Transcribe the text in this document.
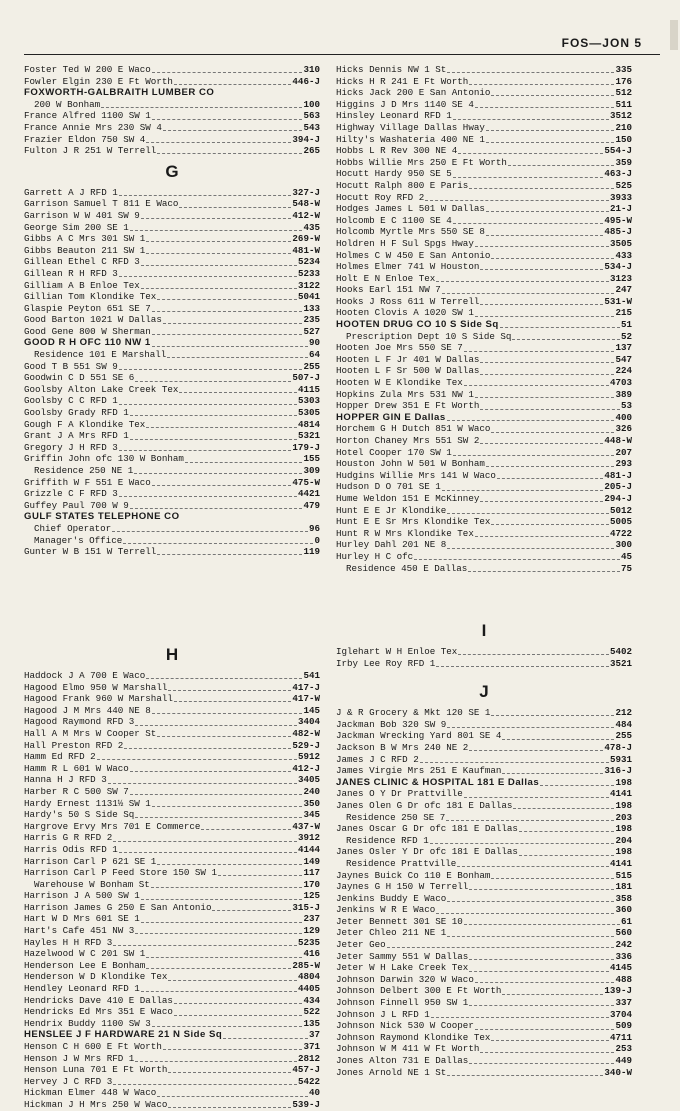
FOS—JON 5
Foster Ted W 200 E Waco	310
Fowler Elgin 230 E Ft Worth	446-J
FOXWORTH-GALBRAITH LUMBER CO
200 W Bonham	100
France Alfred 1100 SW 1	563
France Annie Mrs 230 SW 4	543
Frazier Eldon 750 SW 4	394-J
Fulton J R 251 W Terrell	265
G
Garrett A J RFD 1	327-J
Garrison Samuel T 811 E Waco	548-W
Garrison W W 401 SW 9	412-W
George Sim 200 SE 1	435
Gibbs A C Mrs 301 SW 1	269-W
Gibbs Beauton 211 SW 1	481-W
Gillean Ethel C RFD 3	5234
Gillean R H RFD 3	5233
Gilliam A B Enloe Tex	3122
Gillian Tom Klondike Tex	5041
Glaspie Peyton 651 SE 7	133
Good Barton 1021 W Dallas	235
Good Gene 800 W Sherman	527
GOOD R H OFC 110 NW 1	90
Residence 101 E Marshall	64
Good T B 551 SW 9	255
Goodwin C D 551 SE 6	507-J
Goolsby Alton Lake Creek Tex	4115
Goolsby C C RFD 1	5303
Goolsby Grady RFD 1	5305
Gough F A Klondike Tex	4814
Grant J A Mrs RFD 1	5321
Gregory J H RFD 3	179-J
Griffin John ofc 130 W Bonham	155
Residence 250 NE 1	309
Griffith W F 551 E Waco	475-W
Grizzle C F RFD 3	4421
Guffey Paul 700 W 9	479
GULF STATES TELEPHONE CO
Chief Operator	96
Manager's Office	0
Gunter W B 151 W Terrell	119
Hicks Dennis NW 1 St	335
Hicks H R 241 E Ft Worth	176
Hicks Jack 200 E San Antonio	512
Higgins J D Mrs 1140 SE 4	511
Hinsley Leonard RFD 1	3512
Highway Village Dallas Hway	210
Hilty's Washateria 400 NE 1	150
Hobbs L R Rev 300 NE 4	554-J
Hobbs Willie Mrs 250 E Ft Worth	359
Hocutt Hardy 950 SE 5	463-J
Hocutt Ralph 800 E Paris	525
Hocutt Roy RFD 2	3933
Hodges James L 501 W Dallas	21-J
Holcomb E C 1100 SE 4	495-W
Holcomb Myrtle Mrs 550 SE 8	485-J
Holdren H F Sul Spgs Hway	3505
Holmes C W 450 E San Antonio	433
Holmes Elmer 741 W Houston	534-J
Holt E N Enloe Tex	3123
Hooks Earl 151 NW 7	247
Hooks J Ross 611 W Terrell	531-W
Hooten Clovis A 1020 SW 1	215
HOOTEN DRUG CO 10 S Side Sq	51
Prescription Dept 10 S Side Sq	52
Hooten Joe Mrs 550 SE 7	137
Hooten L F Jr 401 W Dallas	547
Hooten L F Sr 500 W Dallas	224
Hooten W E Klondike Tex	4703
Hopkins Zula Mrs 531 NW 1	389
Hopper Drew 351 E Ft Worth	53
HOPPER GIN E Dallas	400
Horchem G H Dutch 851 W Waco	326
Horton Chaney Mrs 551 SW 2	448-W
Hotel Cooper 170 SW 1	207
Houston John W 501 W Bonham	293
Hudgins Willie Mrs 141 W Waco	481-J
Hudson D O 701 SE 1	205-J
Hume Weldon 151 E McKinney	294-J
Hunt E E Jr Klondike	5012
Hunt E E Sr Mrs Klondike Tex	5005
Hunt R W Mrs Klondike Tex	4722
Hurley Dahl 201 NE 8	300
Hurley H C ofc	45
Residence 450 E Dallas	75
H
Haddock J A 700 E Waco	541
Hagood Elmo 950 W Marshall	417-J
Hagood Frank 960 W Marshall	417-W
Hagood J M Mrs 440 NE 8	145
Hagood Raymond RFD 3	3404
Hall A M Mrs W Cooper St	482-W
Hall Preston RFD 2	529-J
Hamm Ed RFD 2	5912
Hamm R L 601 W Waco	412-J
Hanna H J RFD 3	3405
Harber R C 500 SW 7	240
Hardy Ernest 1131½ SW 1	350
Hardy's 50 S Side Sq	345
Hargrove Ervy Mrs 701 E Commerce	437-W
Harris G R RFD 2	3912
Harris Odis RFD 1	4144
Harrison Carl P 621 SE 1	149
Harrison Carl P Feed Store 150 SW 1	117
Warehouse W Bonham St	170
Harrison J A 500 SW 1	125
Harrison James G 250 E San Antonio	315-J
Hart W D Mrs 601 SE 1	237
Hart's Cafe 451 NW 3	129
Hayles H H RFD 3	5235
Hazelwood W C 201 SW 1	416
Henderson Lee E Bonham	285-W
Henderson W D Klondike Tex	4804
Hendley Leonard RFD 1	4405
Hendricks Dave 410 E Dallas	434
Hendricks Ed Mrs 351 E Waco	522
Hendrix Buddy 1100 SW 3	135
HENSLEE J F HARDWARE 21 N Side Sq	37
Henson C H 600 E Ft Worth	371
Henson J W Mrs RFD 1	2812
Henson Luna 701 E Ft Worth	457-J
Hervey J C RFD 3	5422
Hickman Elmer 448 W Waco	40
Hickman J H Mrs 250 W Waco	539-J
I
Iglehart W H Enloe Tex	5402
Irby Lee Roy RFD 1	3521
J
J & R Grocery & Mkt 120 SE 1	212
Jackman Bob 320 SW 9	484
Jackman Wrecking Yard 801 SE 4	255
Jackson B W Mrs 240 NE 2	478-J
James J C RFD 2	5931
James Virgie Mrs 251 E Kaufman	316-J
JANES CLINIC & HOSPITAL 181 E Dallas	198
Janes O Y Dr Prattville	4141
Janes Olen G Dr ofc 181 E Dallas	198
Residence 250 SE 7	203
Janes Oscar G Dr ofc 181 E Dallas	198
Residence RFD 1	204
Janes Osler Y Dr ofc 181 E Dallas	198
Residence Prattville	4141
Jaynes Buick Co 110 E Bonham	515
Jaynes G H 150 W Terrell	181
Jenkins Buddy E Waco	358
Jenkins W R E Waco	360
Jeter Bennett 301 SE 10	61
Jeter Chleo 211 NE 1	560
Jeter Geo	242
Jeter Sammy 551 W Dallas	336
Jeter W H Lake Creek Tex	4145
Johnson Darwin 320 W Waco	488
Johnson Delbert 300 E Ft Worth	139-J
Johnson Finnell 950 SW 1	337
Johnson J L RFD 1	3704
Johnson Nick 530 W Cooper	509
Johnson Raymond Klondike Tex	4711
Johnson W M 411 W Ft Worth	253
Jones Alton 731 E Dallas	449
Jones Arnold NE 1 St	340-W
